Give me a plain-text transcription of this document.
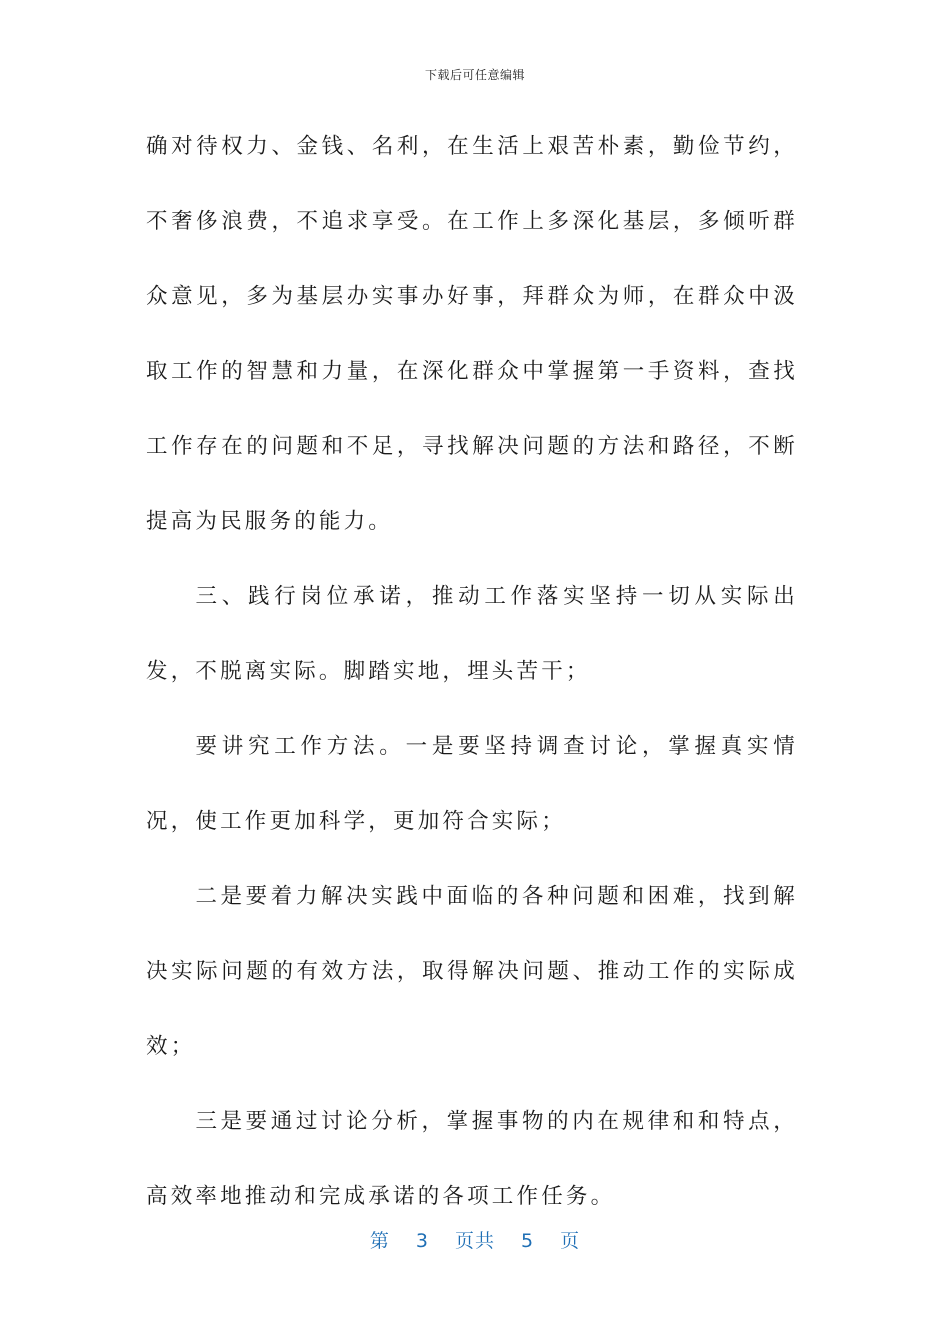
下载后可任意编辑

确对待权力、金钱、名利，在生活上艰苦朴素，勤俭节约，不奢侈浪费，不追求享受。在工作上多深化基层，多倾听群众意见，多为基层办实事办好事，拜群众为师，在群众中汲取工作的智慧和力量，在深化群众中掌握第一手资料，查找工作存在的问题和不足，寻找解决问题的方法和路径，不断提高为民服务的能力。

三、践行岗位承诺，推动工作落实坚持一切从实际出发，不脱离实际。脚踏实地，埋头苦干；

要讲究工作方法。一是要坚持调查讨论，掌握真实情况，使工作更加科学，更加符合实际；

二是要着力解决实践中面临的各种问题和困难，找到解决实际问题的有效方法，取得解决问题、推动工作的实际成效；

三是要通过讨论分析，掌握事物的内在规律和和特点，高效率地推动和完成承诺的各项工作任务。

第 3 页共 5 页
